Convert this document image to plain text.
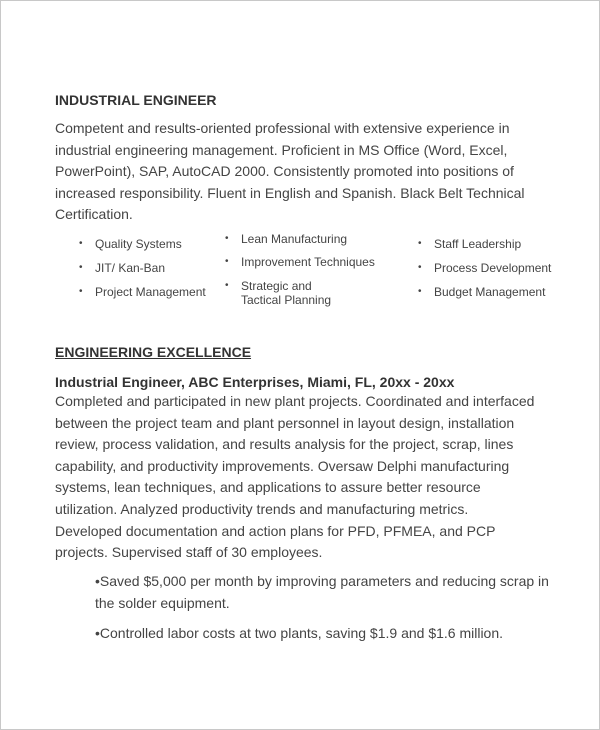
INDUSTRIAL ENGINEER
Competent and results-oriented professional with extensive experience in industrial engineering management. Proficient in MS Office (Word, Excel, PowerPoint), SAP, AutoCAD 2000. Consistently promoted into positions of increased responsibility. Fluent in English and Spanish. Black Belt Technical Certification.
• Quality Systems
• JIT/ Kan-Ban
• Project Management
• Lean Manufacturing
• Improvement Techniques
• Strategic and Tactical Planning
• Staff Leadership
• Process Development
• Budget Management
ENGINEERING EXCELLENCE
Industrial Engineer, ABC Enterprises, Miami, FL, 20xx - 20xx
Completed and participated in new plant projects. Coordinated and interfaced between the project team and plant personnel in layout design, installation review, process validation, and results analysis for the project, scrap, lines capability, and productivity improvements. Oversaw Delphi manufacturing systems, lean techniques, and applications to assure better resource utilization. Analyzed productivity trends and manufacturing metrics. Developed documentation and action plans for PFD, PFMEA, and PCP projects. Supervised staff of 30 employees.
•Saved $5,000 per month by improving parameters and reducing scrap in the solder equipment.
•Controlled labor costs at two plants, saving $1.9 and $1.6 million.
